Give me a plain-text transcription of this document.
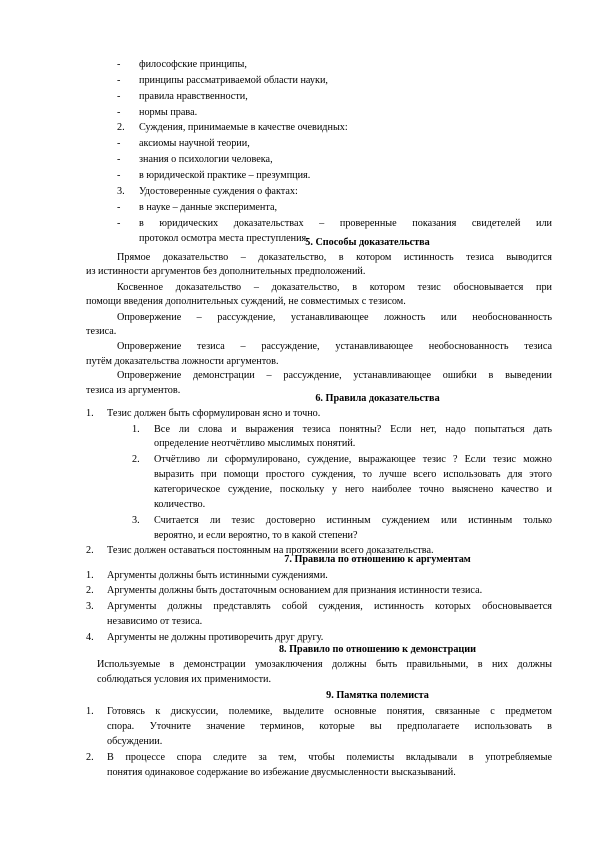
- философские принципы,
- принципы рассматриваемой области науки,
- правила нравственности,
- нормы права.
2. Суждения, принимаемые в качестве очевидных:
- аксиомы научной теории,
- знания о психологии человека,
- в юридической практике – презумпция.
3. Удостоверенные суждения о фактах:
- в науке – данные эксперимента,
- в юридических доказательствах – проверенные показания свидетелей или
протокол осмотра места преступления.
5. Способы доказательства
Прямое доказательство – доказательство, в котором истинность тезиса выводится
из истинности аргументов без дополнительных предположений.
Косвенное доказательство – доказательство, в котором тезис обосновывается при
помощи введения дополнительных суждений, не совместимых с тезисом.
Опровержение – рассуждение, устанавливающее ложность или необоснованность
тезиса.
Опровержение тезиса – рассуждение, устанавливающее необоснованность тезиса
путём доказательства ложности аргументов.
Опровержение демонстрации – рассуждение, устанавливающее ошибки в выведении
тезиса из аргументов.
6. Правила доказательства
1. Тезис должен быть сформулирован ясно и точно.
1. Все ли слова и выражения тезиса понятны? Если нет, надо попытаться дать
определение неотчётливо мыслимых понятий.
2. Отчётливо ли сформулировано, суждение, выражающее тезис ? Если тезис можно
выразить при помощи простого суждения, то лучше всего использовать для этого
категорическое суждение, поскольку у него наиболее точно выяснено качество и
количество.
3. Считается ли тезис достоверно истинным суждением или истинным только
вероятно, и если вероятно, то в какой степени?
2. Тезис должен оставаться постоянным на протяжении всего доказательства.
7. Правила по отношению к аргументам
1. Аргументы должны быть истинными суждениями.
2. Аргументы должны быть достаточным основанием для признания истинности тезиса.
3. Аргументы должны представлять собой суждения, истинность которых обосновывается
независимо от тезиса.
4. Аргументы не должны противоречить друг другу.
8. Правило по отношению к демонстрации
Используемые в демонстрации умозаключения должны быть правильными, в них должны
соблюдаться условия их применимости.
9. Памятка полемиста
1. Готовясь к дискуссии, полемике, выделите основные понятия, связанные с предметом
спора. Уточните значение терминов, которые вы предполагаете использовать в
обсуждении.
2. В процессе спора следите за тем, чтобы полемисты вкладывали в употребляемые
понятия одинаковое содержание во избежание двусмысленности высказываний.
